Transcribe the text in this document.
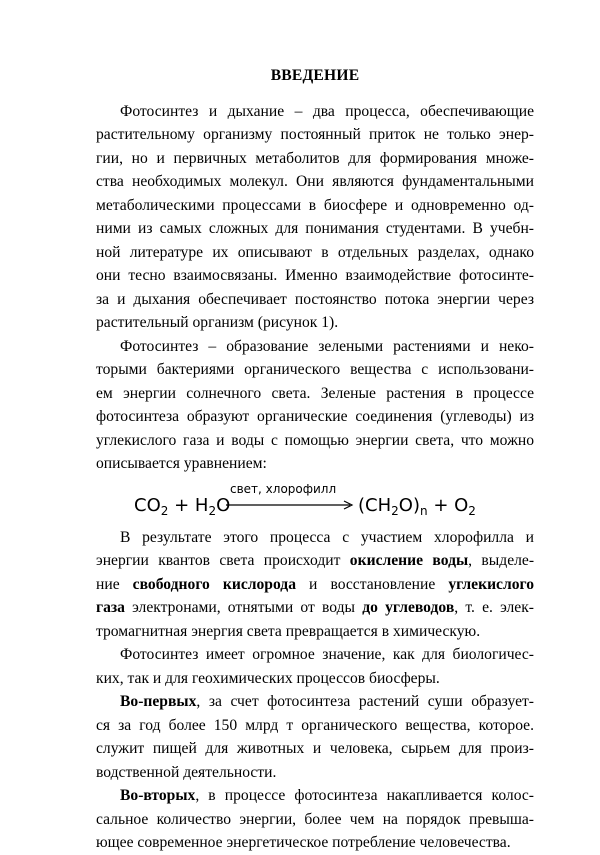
ВВЕДЕНИЕ
Фотосинтез и дыхание – два процесса, обеспечивающие
растительному организму постоянный приток не только энер-
гии, но и первичных метаболитов для формирования множе-
ства необходимых молекул. Они являются фундаментальными
метаболическими процессами в биосфере и одновременно од-
ними из самых сложных для понимания студентами. В учебн-
ной литературе их описывают в отдельных разделах, однако
они тесно взаимосвязаны. Именно взаимодействие фотосинте-
за и дыхания обеспечивает постоянство потока энергии через
растительный организм (рисунок 1).
Фотосинтез – образование зелеными растениями и неко-
торыми бактериями органического вещества с использовани-
ем энергии солнечного света. Зеленые растения в процессе
фотосинтеза образуют органические соединения (углеводы) из
углекислого газа и воды с помощью энергии света, что можно
описывается уравнением:
$CO_2 + H_2O$
свет, хлорофилл
$(CH_2O)_n + O_2$
В результате этого процесса с участием хлорофилла и
энергии квантов света происходит окисление воды, выделе-
ние свободного кислорода и восстановление углекислого
газа электронами, отнятыми от воды до углеводов, т. е. элек-
тромагнитная энергия света превращается в химическую.
Фотосинтез имеет огромное значение, как для биологичес-
ких, так и для геохимических процессов биосферы.
Во-первых, за счет фотосинтеза растений суши образует-
ся за год более 150 млрд т органического вещества, которое.
служит пищей для животных и человека, сырьем для произ-
водственной деятельности.
Во-вторых, в процессе фотосинтеза накапливается колос-
сальное количество энергии, более чем на порядок превыша-
ющее современное энергетическое потребление человечества.
